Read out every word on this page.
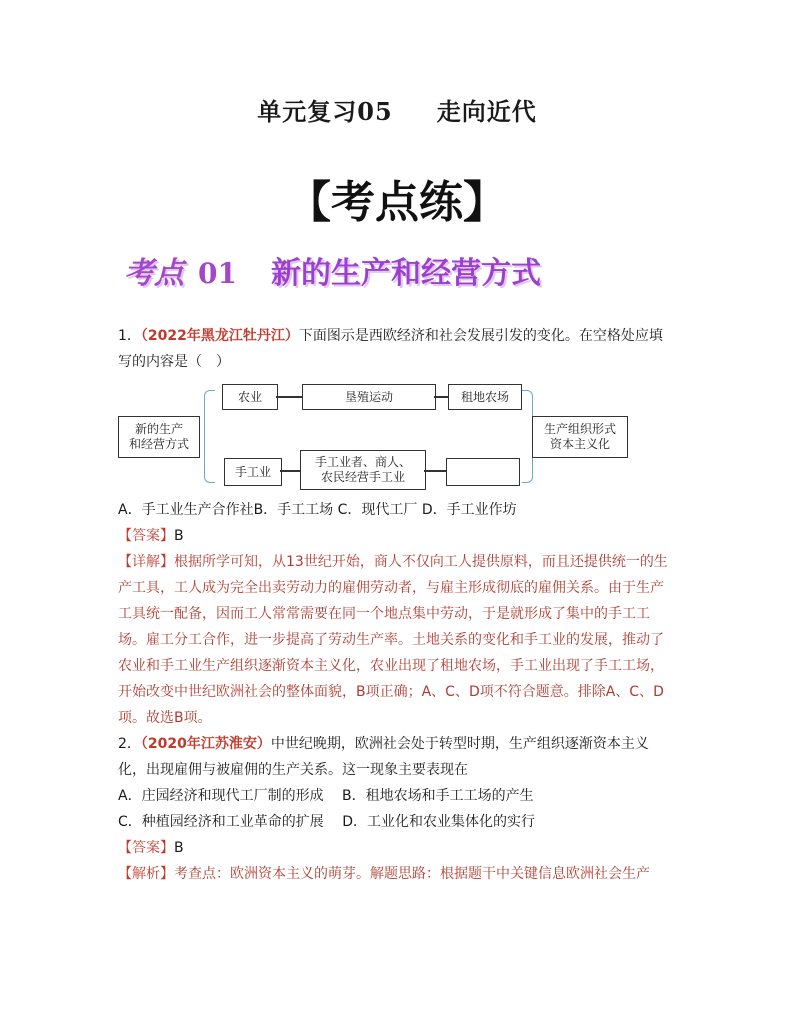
单元复习05 走向近代
【考点练】
考点 01 新的生产和经营方式
1．（2022年黑龙江牡丹江）下面图示是西欧经济和社会发展引发的变化。在空格处应填
写的内容是（　）
新的生产
和经营方式
农业	垦殖运动	租地农场
手工业
手工业者、商人、
农民经营手工业
生产组织形式
资本主义化
A．手工业生产合作社B．手工工场 C．现代工厂 D．手工业作坊
【答案】B
【详解】根据所学可知，从13世纪开始，商人不仅向工人提供原料，而且还提供统一的生
产工具，工人成为完全出卖劳动力的雇佣劳动者，与雇主形成彻底的雇佣关系。由于生产
工具统一配备，因而工人常常需要在同一个地点集中劳动，于是就形成了集中的手工工
场。雇工分工合作，进一步提高了劳动生产率。土地关系的变化和手工业的发展，推动了
农业和手工业生产组织逐渐资本主义化，农业出现了租地农场，手工业出现了手工工场，
开始改变中世纪欧洲社会的整体面貌，B项正确；A、C、D项不符合题意。排除A、C、D
项。故选B项。
2．（2020年江苏淮安）中世纪晚期，欧洲社会处于转型时期，生产组织逐渐资本主义
化，出现雇佣与被雇佣的生产关系。这一现象主要表现在
A．庄园经济和现代工厂制的形成　 B．租地农场和手工工场的产生
C．种植园经济和工业革命的扩展　 D．工业化和农业集体化的实行
【答案】B
【解析】考查点：欧洲资本主义的萌芽。解题思路：根据题干中关键信息欧洲社会生产
